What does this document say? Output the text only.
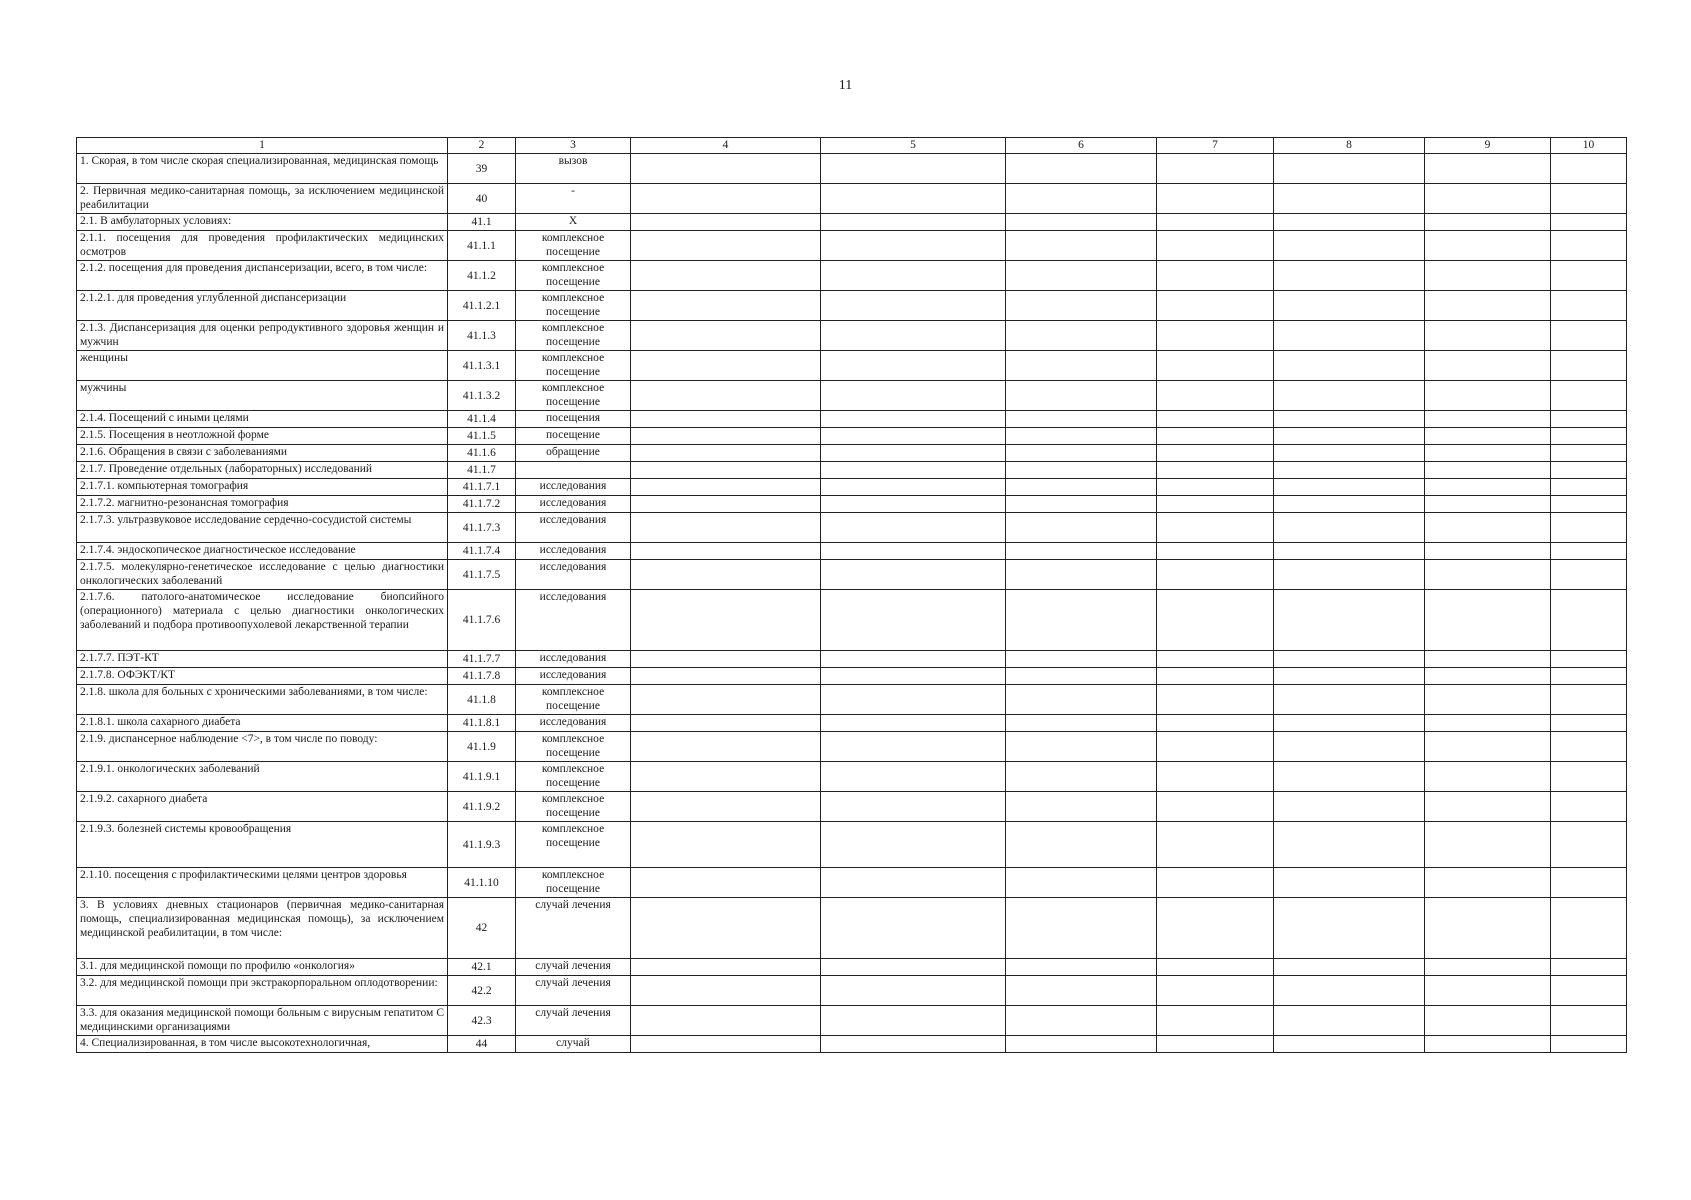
11
1	2	3	4	5	6	7	8	9	10
1. Скорая, в том числе скорая специализированная, медицинская помощь	39	вызов							
2. Первичная медико-санитарная помощь, за исключением медицинской реабилитации	40	-							
2.1. В амбулаторных условиях:	41.1	Х							
2.1.1. посещения для проведения профилактических медицинских осмотров	41.1.1	комплексное посещение							
2.1.2. посещения для проведения диспансеризации, всего, в том числе:	41.1.2	комплексное посещение							
2.1.2.1. для проведения углубленной диспансеризации	41.1.2.1	комплексное посещение							
2.1.3. Диспансеризация для оценки репродуктивного здоровья женщин и мужчин	41.1.3	комплексное посещение							
женщины	41.1.3.1	комплексное посещение							
мужчины	41.1.3.2	комплексное посещение							
2.1.4. Посещений с иными целями	41.1.4	посещения							
2.1.5. Посещения в неотложной форме	41.1.5	посещение							
2.1.6. Обращения в связи с заболеваниями	41.1.6	обращение							
2.1.7. Проведение отдельных (лабораторных) исследований	41.1.7								
2.1.7.1. компьютерная томография	41.1.7.1	исследования							
2.1.7.2. магнитно-резонансная томография	41.1.7.2	исследования							
2.1.7.3. ультразвуковое исследование сердечно-сосудистой системы	41.1.7.3	исследования							
2.1.7.4. эндоскопическое диагностическое исследование	41.1.7.4	исследования							
2.1.7.5. молекулярно-генетическое исследование с целью диагностики онкологических заболеваний	41.1.7.5	исследования							
2.1.7.6. патолого-анатомическое исследование биопсийного (операционного) материала с целью диагностики онкологических заболеваний и подбора противоопухолевой лекарственной терапии	41.1.7.6	исследования							
2.1.7.7. ПЭТ-КТ	41.1.7.7	исследования							
2.1.7.8. ОФЭКТ/КТ	41.1.7.8	исследования							
2.1.8. школа для больных с хроническими заболеваниями, в том числе:	41.1.8	комплексное посещение							
2.1.8.1. школа сахарного диабета	41.1.8.1	исследования							
2.1.9. диспансерное наблюдение <7>, в том числе по поводу:	41.1.9	комплексное посещение							
2.1.9.1. онкологических заболеваний	41.1.9.1	комплексное посещение							
2.1.9.2. сахарного диабета	41.1.9.2	комплексное посещение							
2.1.9.3. болезней системы кровообращения	41.1.9.3	комплексное посещение							
2.1.10. посещения с профилактическими целями центров здоровья	41.1.10	комплексное посещение							
3. В условиях дневных стационаров (первичная медико-санитарная помощь, специализированная медицинская помощь), за исключением медицинской реабилитации, в том числе:	42	случай лечения							
3.1. для медицинской помощи по профилю «онкология»	42.1	случай лечения							
3.2. для медицинской помощи при экстракорпоральном оплодотворении:	42.2	случай лечения							
3.3. для оказания медицинской помощи больным с вирусным гепатитом С медицинскими организациями	42.3	случай лечения							
4. Специализированная, в том числе высокотехнологичная,	44	случай							
